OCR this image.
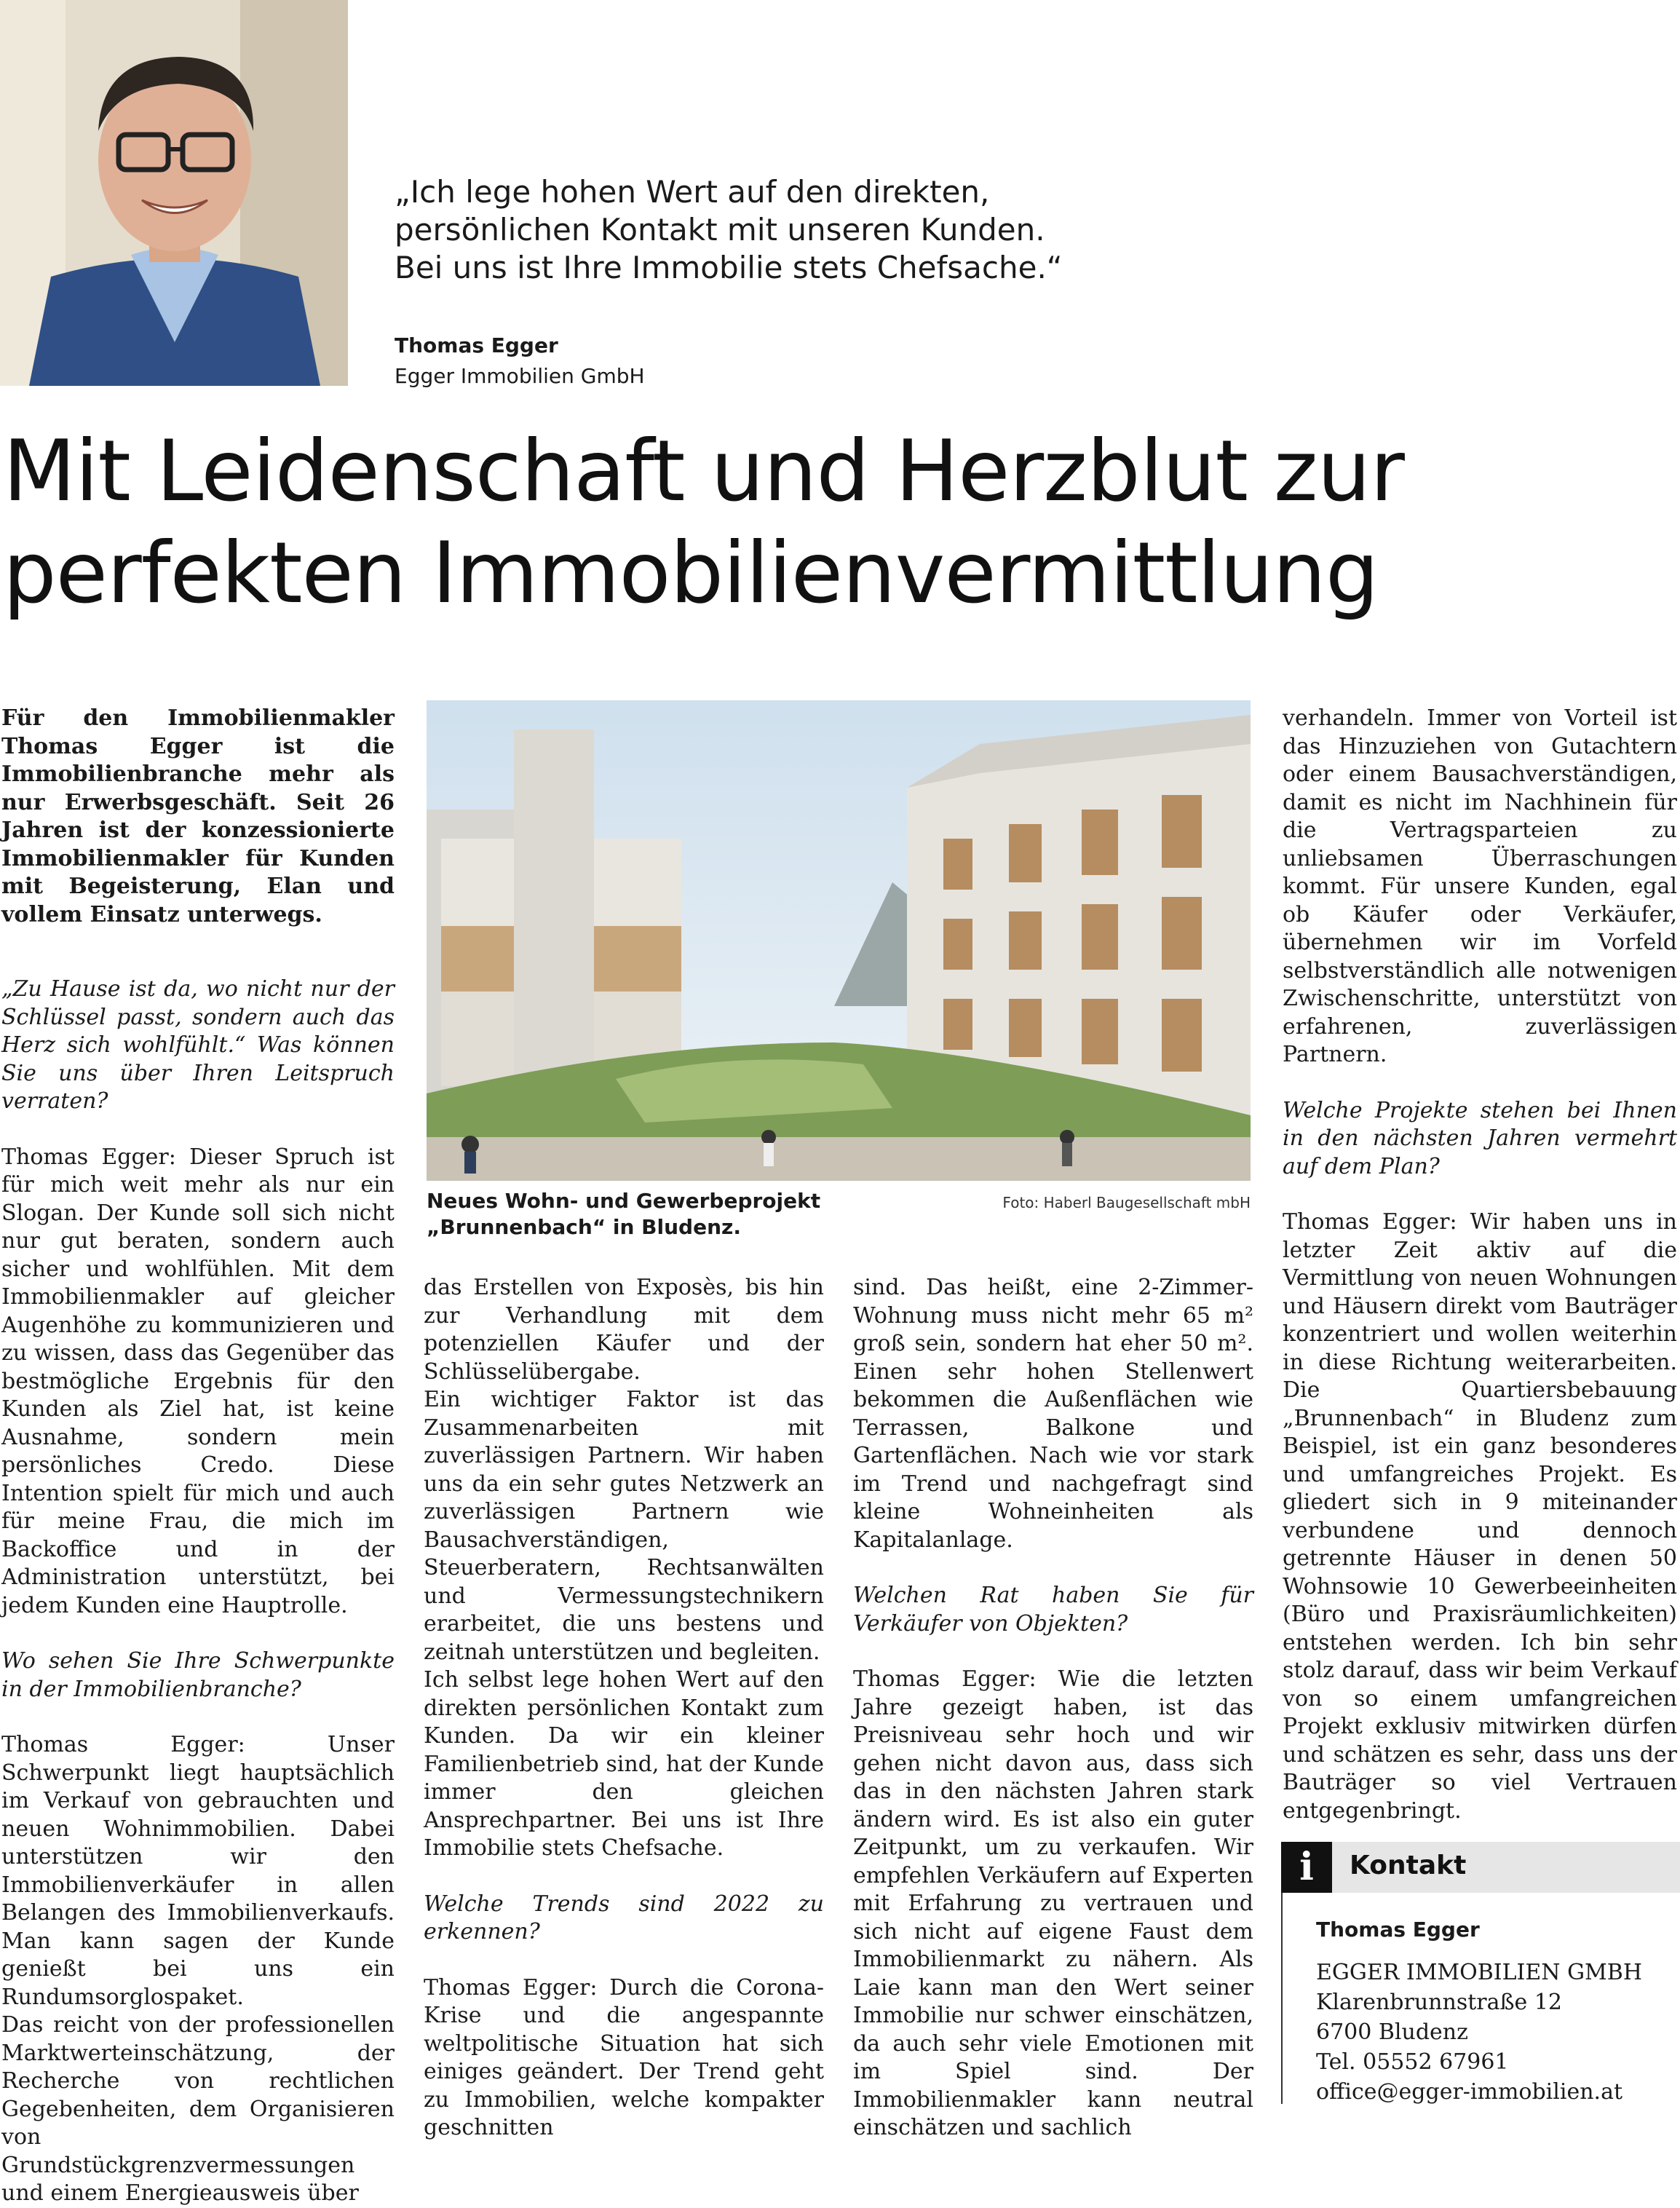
„Ich lege hohen Wert auf den direkten,

persönlichen Kontakt mit unseren Kunden.

Bei uns ist Ihre Immobilie stets Chefsache.“

Thomas Egger
Egger Immobilien GmbH
Mit Leidenschaft und Herzblut zur
perfekten Immobilienvermittlung

Für den Immobilienmakler Thomas Egger ist die Immobilienbranche mehr als nur Erwerbsgeschäft. Seit 26 Jahren ist der konzessionierte Immobilienmakler für Kunden mit Begeisterung, Elan und vollem Einsatz unterwegs.

„Zu Hause ist da, wo nicht nur der Schlüssel passt, sondern auch das Herz sich wohlfühlt.“ Was können Sie uns über Ihren Leitspruch verraten?

Thomas Egger: Dieser Spruch ist für mich weit mehr als nur ein Slogan. Der Kunde soll sich nicht nur gut beraten, sondern auch sicher und wohlfühlen. Mit dem Immobilienmakler auf gleicher Augenhöhe zu kommunizieren und zu wissen, dass das Gegenüber das bestmögliche Ergebnis für den Kunden als Ziel hat, ist keine Ausnahme, sondern mein persönliches Credo. Diese Intention spielt für mich und auch für meine Frau, die mich im Backoffice und in der Administration unterstützt, bei jedem Kunden eine Hauptrolle.

Wo sehen Sie Ihre Schwerpunkte in der Immobilienbranche?

Thomas Egger: Unser Schwerpunkt liegt hauptsächlich im Verkauf von gebrauchten und neuen Wohnimmobilien. Dabei unterstützen wir den Immobilienverkäufer in allen Belangen des Immobilienverkaufs. Man kann sagen der Kunde genießt bei uns ein Rundumsorglospaket.

Das reicht von der professionellen Marktwerteinschätzung, der Recherche von rechtlichen Gegebenheiten, dem Organisieren von Grundstückgrenzvermessungen und einem Energieausweis über

Neues Wohn- und Gewerbeprojekt
„Brunnenbach“ in Bludenz.
Foto: Haberl Baugesellschaft mbH

das Erstellen von Exposès, bis hin zur Verhandlung mit dem potenziellen Käufer und der Schlüsselübergabe.

Ein wichtiger Faktor ist das Zusammenarbeiten mit zuverlässigen Partnern. Wir haben uns da ein sehr gutes Netzwerk an zuverlässigen Partnern wie Bausachverständigen, Steuerberatern, Rechtsanwälten und Vermessungstechnikern erarbeitet, die uns bestens und zeitnah unterstützen und begleiten.

Ich selbst lege hohen Wert auf den direkten persönlichen Kontakt zum Kunden. Da wir ein kleiner Familienbetrieb sind, hat der Kunde immer den gleichen Ansprechpartner. Bei uns ist Ihre Immobilie stets Chefsache.

Welche Trends sind 2022 zu erkennen?

Thomas Egger: Durch die Corona-Krise und die angespannte weltpolitische Situation hat sich einiges geändert. Der Trend geht zu Immobilien, welche kompakter geschnitten

sind. Das heißt, eine 2-Zimmer-Wohnung muss nicht mehr 65 m² groß sein, sondern hat eher 50 m². Einen sehr hohen Stellenwert bekommen die Außenflächen wie Terrassen, Balkone und Gartenflächen. Nach wie vor stark im Trend und nachgefragt sind kleine Wohneinheiten als Kapitalanlage.

Welchen Rat haben Sie für Verkäufer von Objekten?

Thomas Egger: Wie die letzten Jahre gezeigt haben, ist das Preisniveau sehr hoch und wir gehen nicht davon aus, dass sich das in den nächsten Jahren stark ändern wird. Es ist also ein guter Zeitpunkt, um zu verkaufen. Wir empfehlen Verkäufern auf Experten mit Erfahrung zu vertrauen und sich nicht auf eigene Faust dem Immobilienmarkt zu nähern. Als Laie kann man den Wert seiner Immobilie nur schwer einschätzen, da auch sehr viele Emotionen mit im Spiel sind. Der Immobilienmakler kann neutral einschätzen und sachlich

verhandeln. Immer von Vorteil ist das Hinzuziehen von Gutachtern oder einem Bausachverständigen, damit es nicht im Nachhinein für die Vertragsparteien zu unliebsamen Überraschungen kommt. Für unsere Kunden, egal ob Käufer oder Verkäufer, übernehmen wir im Vorfeld selbstverständlich alle notwenigen Zwischenschritte, unterstützt von erfahrenen, zuverlässigen Partnern.

Welche Projekte stehen bei Ihnen in den nächsten Jahren vermehrt auf dem Plan?

Thomas Egger: Wir haben uns in letzter Zeit aktiv auf die Vermittlung von neuen Wohnungen und Häusern direkt vom Bauträger konzentriert und wollen weiterhin in diese Richtung weiterarbeiten. Die Quartiersbebauung „Brunnenbach“ in Bludenz zum Beispiel, ist ein ganz besonderes und umfangreiches Projekt. Es gliedert sich in 9 miteinander verbundene und dennoch getrennte Häuser in denen 50 Wohnsowie 10 Gewerbeeinheiten (Büro und Praxisräumlichkeiten) entstehen werden. Ich bin sehr stolz darauf, dass wir beim Verkauf von so einem umfangreichen Projekt exklusiv mitwirken dürfen und schätzen es sehr, dass uns der Bauträger so viel Vertrauen entgegenbringt.

i	Kontakt
Thomas Egger
EGGER IMMOBILIEN GMBH
Klarenbrunnstraße 12
6700 Bludenz
Tel. 05552 67961
office@egger-immobilien.at
